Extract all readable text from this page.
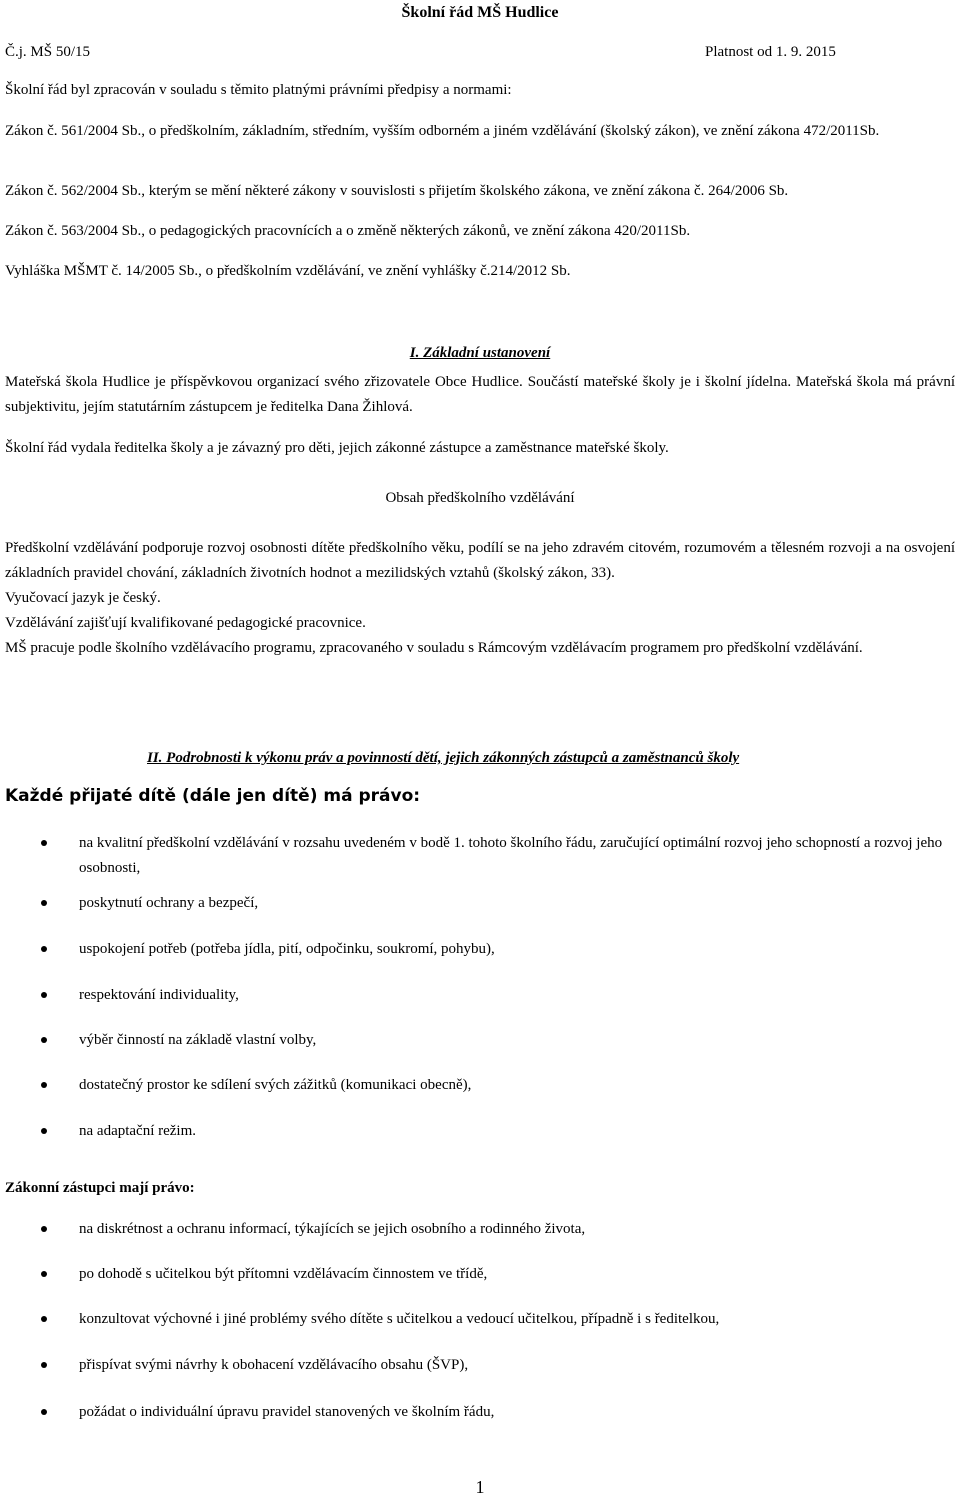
Školní řád MŠ Hudlice
Č.j. MŠ 50/15	Platnost od 1. 9. 2015
Školní řád byl zpracován v souladu s těmito platnými právními předpisy a normami:
Zákon č. 561/2004 Sb., o předškolním, základním, středním, vyšším odborném a jiném vzdělávání (školský zákon), ve znění zákona 472/2011Sb.
Zákon č. 562/2004 Sb., kterým se mění některé zákony v souvislosti s přijetím školského zákona, ve znění zákona č. 264/2006 Sb.
Zákon č. 563/2004 Sb., o pedagogických pracovnících a o změně některých zákonů, ve znění zákona 420/2011Sb.
Vyhláška MŠMT č. 14/2005 Sb., o předškolním vzdělávání, ve znění vyhlášky č.214/2012 Sb.
I. Základní ustanovení
Mateřská škola Hudlice je příspěvkovou organizací svého zřizovatele Obce Hudlice. Součástí mateřské školy je i školní jídelna. Mateřská škola má právní subjektivitu, jejím statutárním zástupcem je ředitelka Dana Žihlová.
Školní řád vydala ředitelka školy a je závazný pro děti, jejich zákonné zástupce a zaměstnance mateřské školy.
Obsah předškolního vzdělávání
Předškolní vzdělávání podporuje rozvoj osobnosti dítěte předškolního věku, podílí se na jeho zdravém citovém, rozumovém a tělesném rozvoji a na osvojení základních pravidel chování, základních životních hodnot a mezilidských vztahů (školský zákon, 33).
Vyučovací jazyk je český.
Vzdělávání zajišťují kvalifikované pedagogické pracovnice.
MŠ pracuje podle školního vzdělávacího programu, zpracovaného v souladu s Rámcovým vzdělávacím programem pro předškolní vzdělávání.
II. Podrobnosti k výkonu práv a povinností dětí, jejich zákonných zástupců a zaměstnanců školy
Každé přijaté dítě (dále jen dítě) má právo:
na kvalitní předškolní vzdělávání v rozsahu uvedeném v bodě 1. tohoto školního řádu, zaručující optimální rozvoj jeho schopností a rozvoj jeho osobnosti,
poskytnutí ochrany a bezpečí,
uspokojení potřeb (potřeba jídla, pití, odpočinku, soukromí, pohybu),
respektování individuality,
výběr činností na základě vlastní volby,
dostatečný prostor ke sdílení svých zážitků (komunikaci obecně),
na adaptační režim.
Zákonní zástupci mají právo:
na diskrétnost a ochranu informací, týkajících se jejich osobního a rodinného života,
po dohodě s učitelkou být přítomni vzdělávacím činnostem ve třídě,
konzultovat výchovné i jiné problémy svého dítěte s učitelkou a vedoucí učitelkou, případně i s ředitelkou,
přispívat svými návrhy k obohacení vzdělávacího obsahu (ŠVP),
požádat o individuální úpravu pravidel stanovených ve školním řádu,
1
